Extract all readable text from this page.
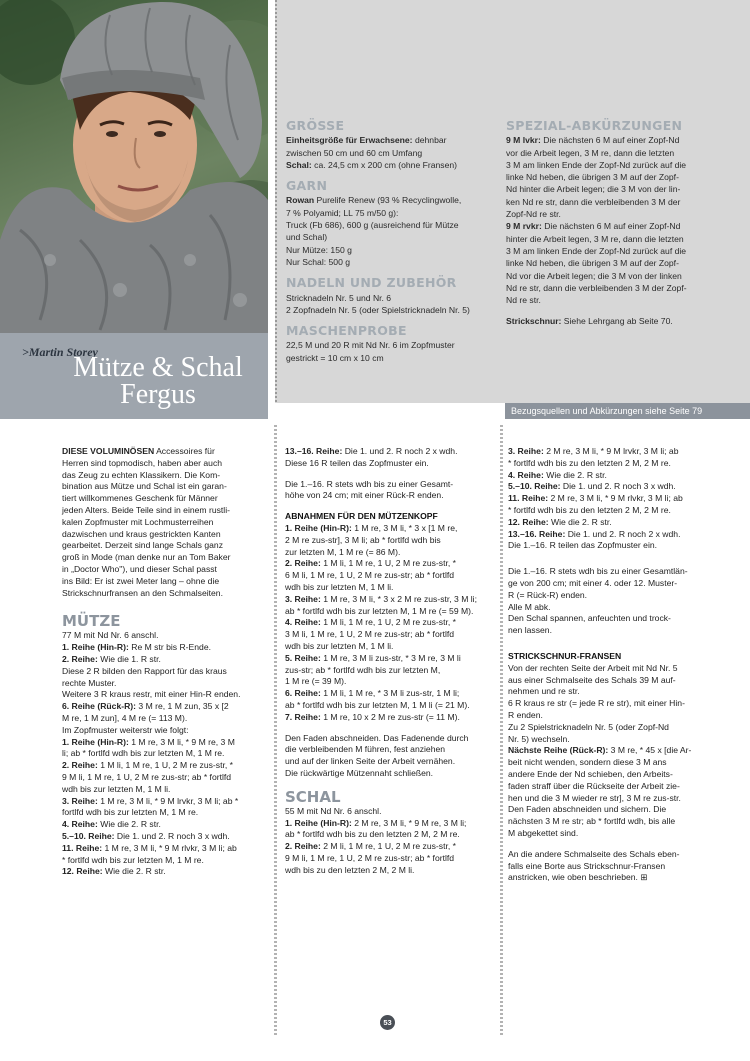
>Martin Storey
Mütze & Schal
Fergus
GRÖSSE

Einheitsgröße für Erwachsene: dehnbar

zwischen 50 cm und 60 cm Umfang

Schal: ca. 24,5 cm x 200 cm (ohne Fransen)

GARN

Rowan Purelife Renew (93 % Recyclingwolle,

7 % Polyamid; LL 75 m/50 g):

Truck (Fb 686), 600 g (ausreichend für Mütze

und Schal)

Nur Mütze: 150 g

Nur Schal: 500 g

NADELN UND ZUBEHÖR

Stricknadeln Nr. 5 und Nr. 6

2 Zopfnadeln Nr. 5 (oder Spielstricknadeln Nr. 5)

MASCHENPROBE

22,5 M und 20 R mit Nd Nr. 6 im Zopfmuster

gestrickt = 10 cm x 10 cm

SPEZIAL-ABKÜRZUNGEN

9 M lvkr: Die nächsten 6 M auf einer Zopf-Nd

vor die Arbeit legen, 3 M re, dann die letzten

3 M am linken Ende der Zopf-Nd zurück auf die

linke Nd heben, die übrigen 3 M auf der Zopf-

Nd hinter die Arbeit legen; die 3 M von der lin-

ken Nd re str, dann die verbleibenden 3 M der

Zopf-Nd re str.

9 M rvkr: Die nächsten 6 M auf einer Zopf-Nd

hinter die Arbeit legen, 3 M re, dann die letzten

3 M am linken Ende der Zopf-Nd zurück auf die

linke Nd heben, die übrigen 3 M auf der Zopf-

Nd vor die Arbeit legen; die 3 M von der linken

Nd re str, dann die verbleibenden 3 M der Zopf-

Nd re str.

Strickschnur: Siehe Lehrgang ab Seite 70.
Bezugsquellen und Abkürzungen siehe Seite 79

DIESE VOLUMINÖSEN Accessoires für

Herren sind topmodisch, haben aber auch

das Zeug zu echten Klassikern. Die Kom-

bination aus Mütze und Schal ist ein garan-

tiert willkommenes Geschenk für Männer

jeden Alters. Beide Teile sind in einem rustli-

kalen Zopfmuster mit Lochmusterreihen

dazwischen und kraus gestrickten Kanten

gearbeitet. Derzeit sind lange Schals ganz

groß in Mode (man denke nur an Tom Baker

in „Doctor Who"), und dieser Schal passt

ins Bild: Er ist zwei Meter lang – ohne die

Strickschnurfransen an den Schmalseiten.

MÜTZE

77 M mit Nd Nr. 6 anschl.

1. Reihe (Hin-R): Re M str bis R-Ende.

2. Reihe: Wie die 1. R str.

Diese 2 R bilden den Rapport für das kraus

rechte Muster.

Weitere 3 R kraus restr, mit einer Hin-R enden.

6. Reihe (Rück-R): 3 M re, 1 M zun, 35 x [2

M re, 1 M zun], 4 M re (= 113 M).

Im Zopfmuster weiterstr wie folgt:

1. Reihe (Hin-R): 1 M re, 3 M li, * 9 M re, 3 M

li; ab * fortlfd wdh bis zur letzten M, 1 M re.

2. Reihe: 1 M li, 1 M re, 1 U, 2 M re zus-str, *

9 M li, 1 M re, 1 U, 2 M re zus-str; ab * fortlfd

wdh bis zur letzten M, 1 M li.

3. Reihe: 1 M re, 3 M li, * 9 M lrvkr, 3 M li; ab *

fortlfd wdh bis zur letzten M, 1 M re.

4. Reihe: Wie die 2. R str.

5.–10. Reihe: Die 1. und 2. R noch 3 x wdh.

11. Reihe: 1 M re, 3 M li, * 9 M rlvkr, 3 M li; ab

* fortlfd wdh bis zur letzten M, 1 M re.

12. Reihe: Wie die 2. R str.

13.–16. Reihe: Die 1. und 2. R noch 2 x wdh.

Diese 16 R teilen das Zopfmuster ein.

Die 1.–16. R stets wdh bis zu einer Gesamt-

höhe von 24 cm; mit einer Rück-R enden.

ABNAHMEN FÜR DEN MÜTZENKOPF

1. Reihe (Hin-R): 1 M re, 3 M li, * 3 x [1 M re,

2 M re zus-str], 3 M li; ab * fortlfd wdh bis

zur letzten M, 1 M re (= 86 M).

2. Reihe: 1 M li, 1 M re, 1 U, 2 M re zus-str, *

6 M li, 1 M re, 1 U, 2 M re zus-str; ab * fortlfd

wdh bis zur letzten M, 1 M li.

3. Reihe: 1 M re, 3 M li, * 3 x 2 M re zus-str, 3 M li;

ab * fortlfd wdh bis zur letzten M, 1 M re (= 59 M).

4. Reihe: 1 M li, 1 M re, 1 U, 2 M re zus-str, *

3 M li, 1 M re, 1 U, 2 M re zus-str; ab * fortlfd

wdh bis zur letzten M, 1 M li.

5. Reihe: 1 M re, 3 M li zus-str, * 3 M re, 3 M li

zus-str; ab * fortlfd wdh bis zur letzten M,

1 M re (= 39 M).

6. Reihe: 1 M li, 1 M re, * 3 M li zus-str, 1 M li;

ab * fortlfd wdh bis zur letzten M, 1 M li (= 21 M).

7. Reihe: 1 M re, 10 x 2 M re zus-str (= 11 M).

Den Faden abschneiden. Das Fadenende durch

die verbleibenden M führen, fest anziehen

und auf der linken Seite der Arbeit vernähen.

Die rückwärtige Mützennaht schließen.

SCHAL

55 M mit Nd Nr. 6 anschl.

1. Reihe (Hin-R): 2 M re, 3 M li, * 9 M re, 3 M li;

ab * fortlfd wdh bis zu den letzten 2 M, 2 M re.

2. Reihe: 2 M li, 1 M re, 1 U, 2 M re zus-str, *

9 M li, 1 M re, 1 U, 2 M re zus-str; ab * fortlfd

wdh bis zu den letzten 2 M, 2 M li.

3. Reihe: 2 M re, 3 M li, * 9 M lrvkr, 3 M li; ab

* fortlfd wdh bis zu den letzten 2 M, 2 M re.

4. Reihe: Wie die 2. R str.

5.–10. Reihe: Die 1. und 2. R noch 3 x wdh.

11. Reihe: 2 M re, 3 M li, * 9 M rlvkr, 3 M li; ab

* fortlfd wdh bis zu den letzten 2 M, 2 M re.

12. Reihe: Wie die 2. R str.

13.–16. Reihe: Die 1. und 2. R noch 2 x wdh.

Die 1.–16. R teilen das Zopfmuster ein.

Die 1.–16. R stets wdh bis zu einer Gesamtlän-

ge von 200 cm; mit einer 4. oder 12. Muster-

R (= Rück-R) enden.

Alle M abk.

Den Schal spannen, anfeuchten und trock-

nen lassen.

STRICKSCHNUR-FRANSEN

Von der rechten Seite der Arbeit mit Nd Nr. 5

aus einer Schmalseite des Schals 39 M auf-

nehmen und re str.

6 R kraus re str (= jede R re str), mit einer Hin-

R enden.

Zu 2 Spielstricknadeln Nr. 5 (oder Zopf-Nd

Nr. 5) wechseln.

Nächste Reihe (Rück-R): 3 M re, * 45 x [die Ar-

beit nicht wenden, sondern diese 3 M ans

andere Ende der Nd schieben, den Arbeits-

faden straff über die Rückseite der Arbeit zie-

hen und die 3 M wieder re str], 3 M re zus-str.

Den Faden abschneiden und sichern. Die

nächsten 3 M re str; ab * fortlfd wdh, bis alle

M abgekettet sind.

An die andere Schmalseite des Schals eben-

falls eine Borte aus Strickschnur-Fransen

anstricken, wie oben beschrieben. ⊞

53
